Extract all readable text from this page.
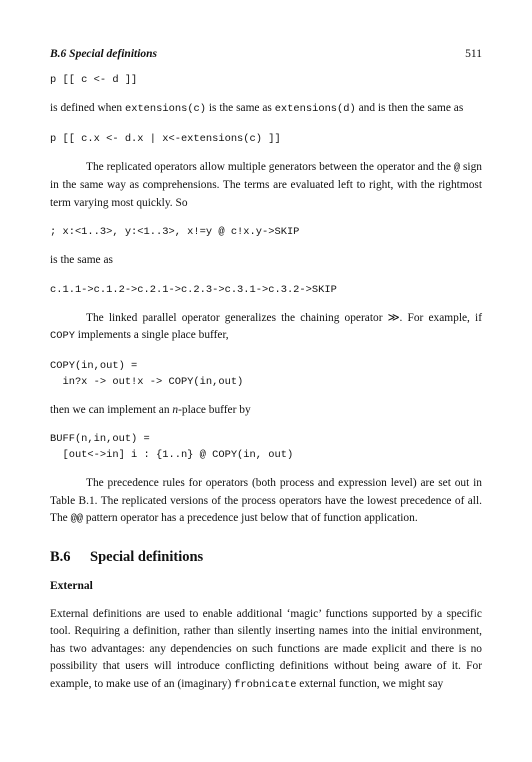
B.6 Special definitions	511
p [[ c <- d ]]

is defined when extensions(c) is the same as extensions(d) and is then the same as

p [[ c.x <- d.x | x<-extensions(c) ]]

The replicated operators allow multiple generators between the operator and the @ sign in the same way as comprehensions. The terms are evaluated left to right, with the rightmost term varying most quickly. So

; x:<1..3>, y:<1..3>, x!=y @ c!x.y->SKIP

is the same as

c.1.1->c.1.2->c.2.1->c.2.3->c.3.1->c.3.2->SKIP

The linked parallel operator generalizes the chaining operator ≫. For example, if COPY implements a single place buffer,

COPY(in,out) =
in?x -> out!x -> COPY(in,out)

then we can implement an n-place buffer by

BUFF(n,in,out) =
[out<->in] i : {1..n} @ COPY(in, out)

The precedence rules for operators (both process and expression level) are set out in Table B.1. The replicated versions of the process operators have the lowest precedence of all. The @@ pattern operator has a precedence just below that of function application.

B.6 Special definitions
External

External definitions are used to enable additional ‘magic’ functions supported by a specific tool. Requiring a definition, rather than silently inserting names into the initial environment, has two advantages: any dependencies on such functions are made explicit and there is no possibility that users will introduce conflicting definitions without being aware of it. For example, to make use of an (imaginary) frobnicate external function, we might say
